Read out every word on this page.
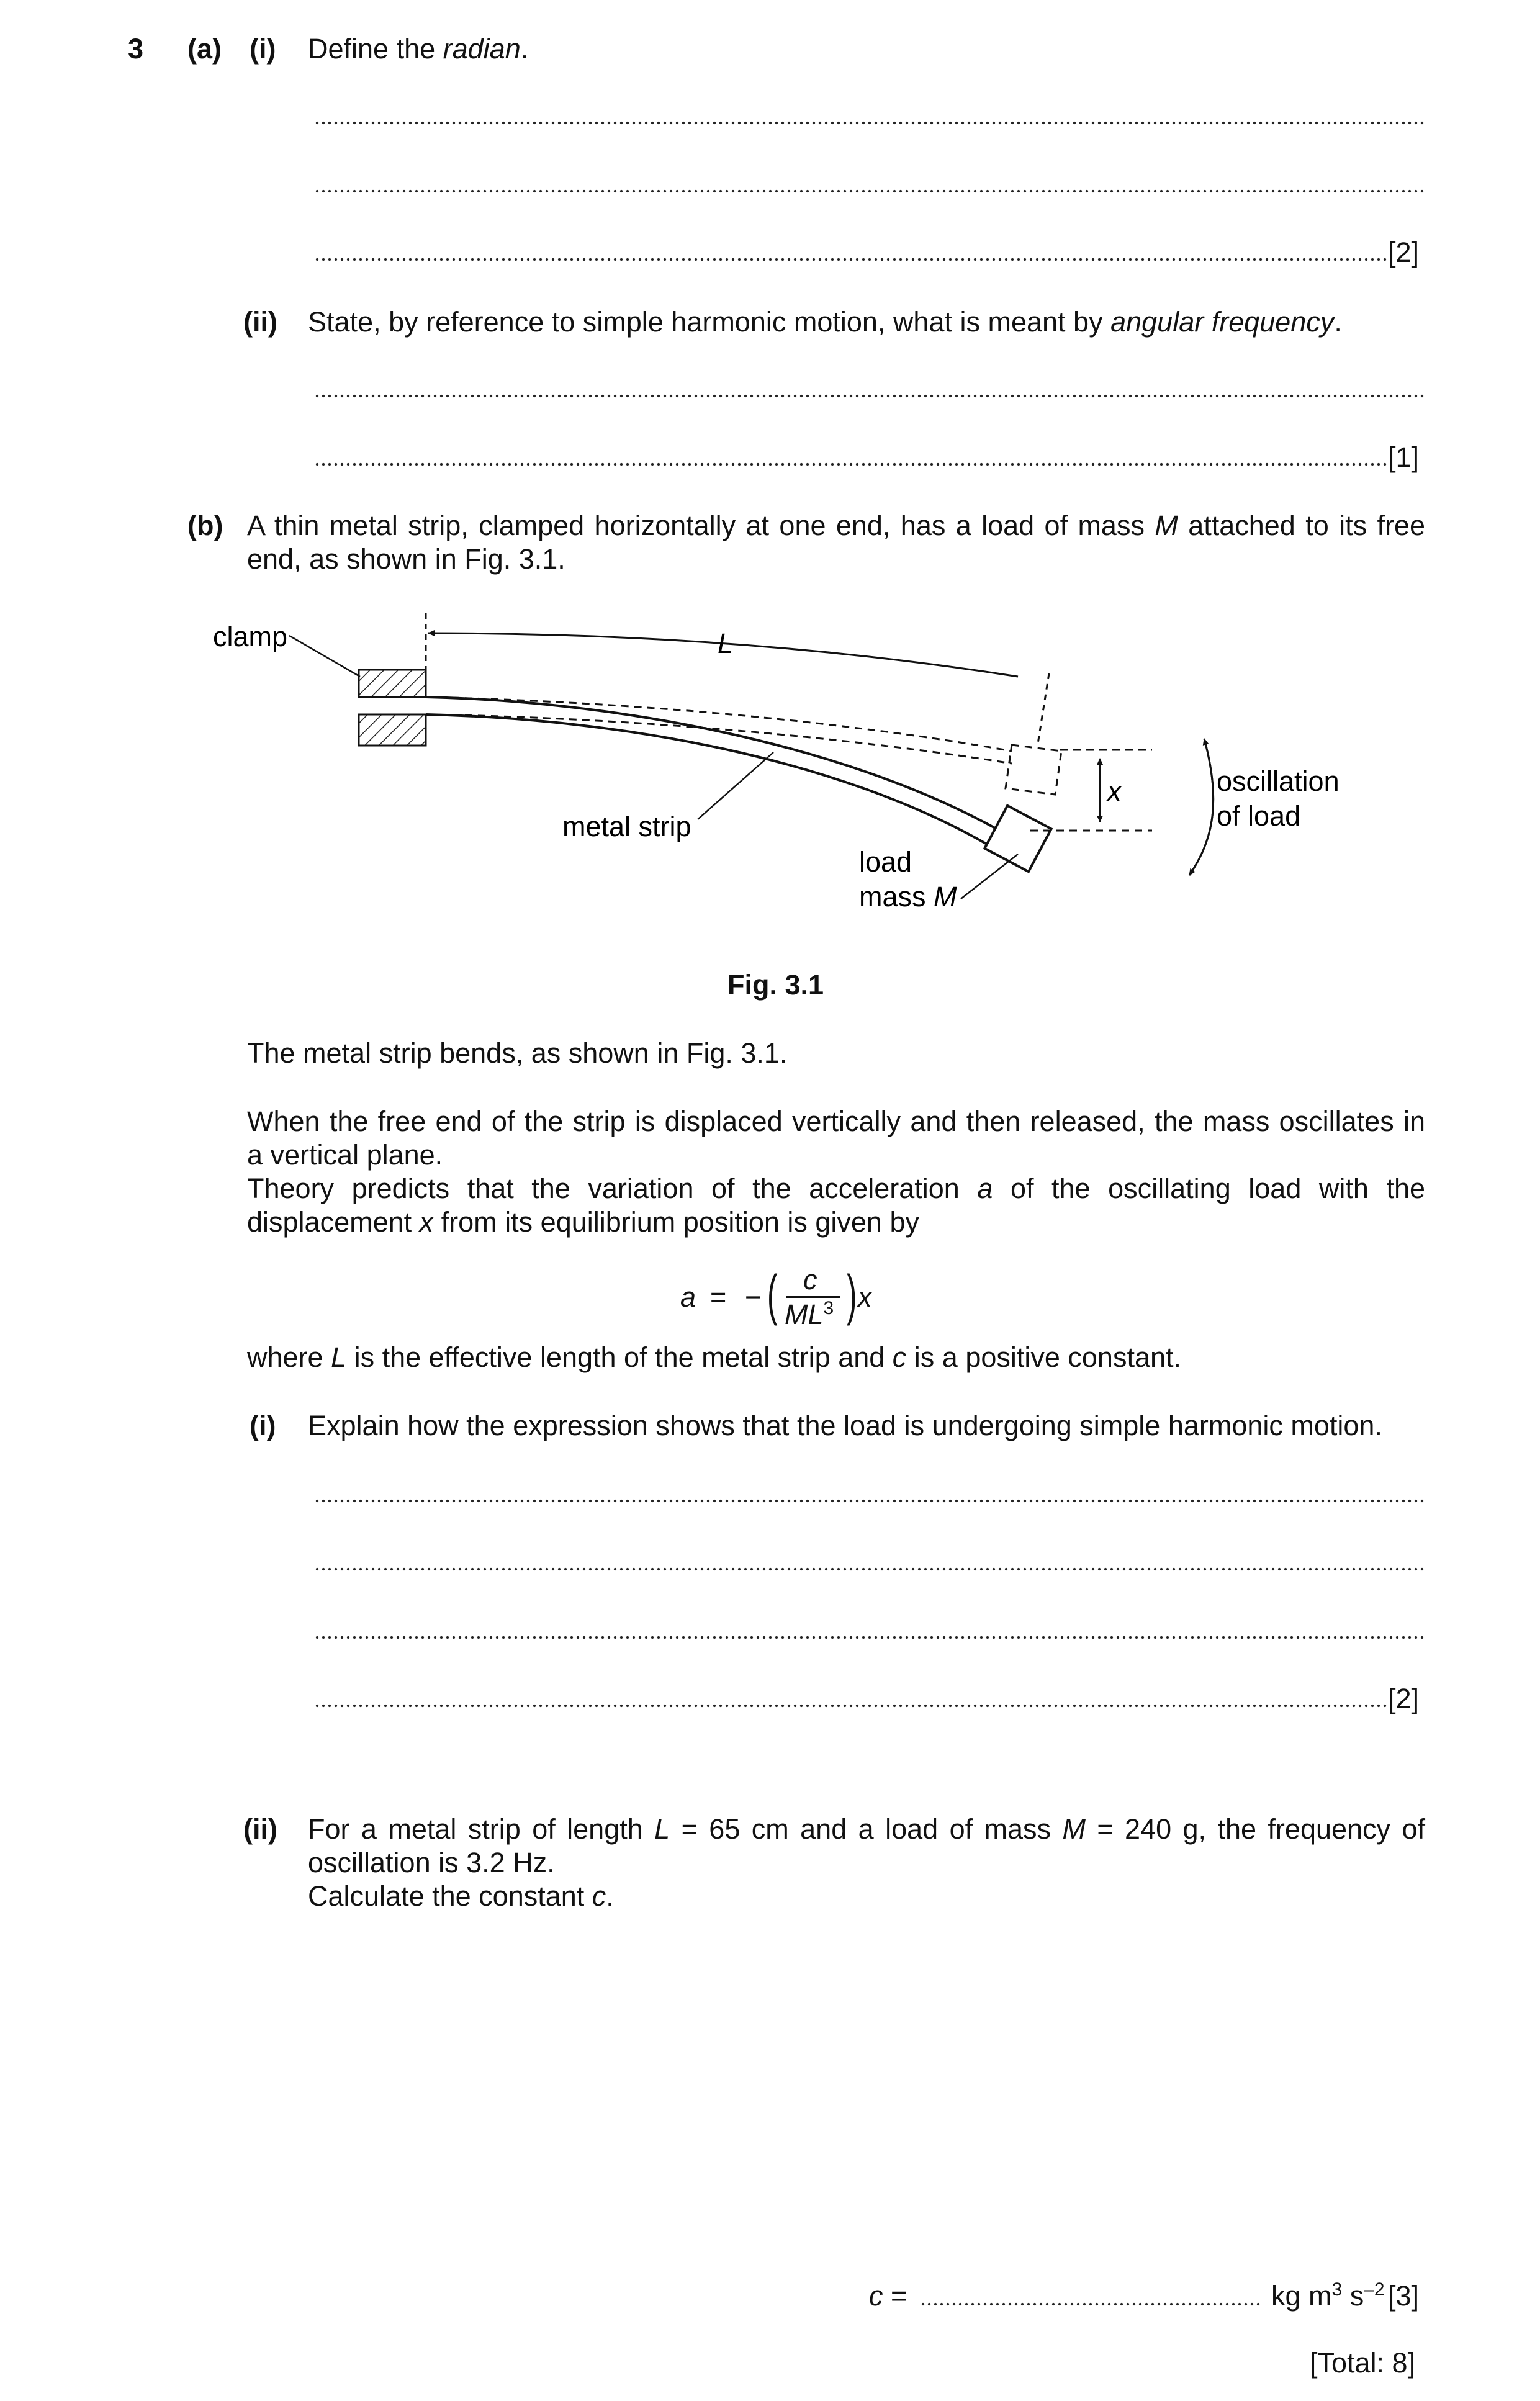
3 (a) (i) Define the radian.
[2]
(ii) State, by reference to simple harmonic motion, what is meant by angular frequency.
[1]
(b) A thin metal strip, clamped horizontally at one end, has a load of mass M attached to its free
end, as shown in Fig. 3.1.
L
clamp
metal strip
x	oscillation
of load
load
mass M
Fig. 3.1
The metal strip bends, as shown in Fig. 3.1.
When the free end of the strip is displaced vertically and then released, the mass oscillates in
a vertical plane.
Theory predicts that the variation of the acceleration a of the oscillating load with the
displacement x from its equilibrium position is given by
a = − ( c
$ML^3$ ) x
where L is the effective length of the metal strip and c is a positive constant.
(i) Explain how the expression shows that the load is undergoing simple harmonic motion.
[2]
(ii) For a metal strip of length L = 65 cm and a load of mass M = 240 g, the frequency of
oscillation is 3.2 Hz.
Calculate the constant c.
c =	kg $m^3$ $s^{-2}$ [3]
[Total: 8]
